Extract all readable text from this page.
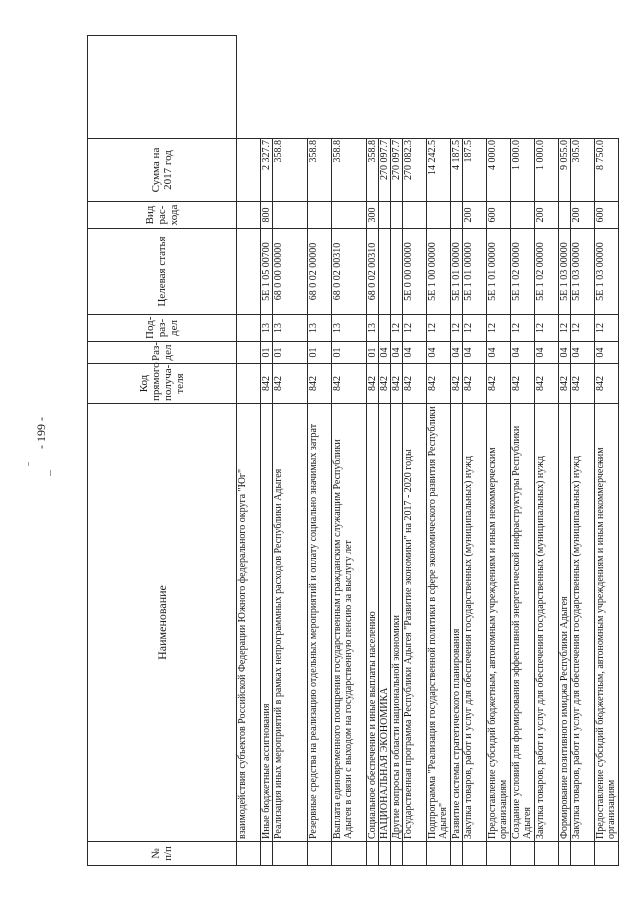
- 199 -
№ п/п	Наименование	Код прямого получа-теля	Раз-дел	Под-раз-дел	Целевая статья	Вид рас-хода	Сумма на 2017 год	
	взаимодействия субъектов Российской Федерации Южного федерального округа "Юг"							
	Иные бюджетные ассигнования	842	01	13	5Е 1 05 00700	800	2 327.7	
	Реализация иных мероприятий в рамках непрограммных расходов Республики Адыгея	842	01	13	68 0 00 00000		358.8	
	Резервные средства на реализацию отдельных мероприятий и оплату социально значимых затрат	842	01	13	68 0 02 00000		358.8	
	Выплата единовременного поощрения государственным гражданским служащим Республики Адыгея в связи с выходом на государственную пенсию за выслугу лет	842	01	13	68 0 02 00310		358.8	
	Социальное обеспечение и иные выплаты населению	842	01	13	68 0 02 00310	300	358.8	
	НАЦИОНАЛЬНАЯ ЭКОНОМИКА	842	04				270 097.7	
	Другие вопросы в области национальной экономики	842	04	12			270 097.7	
	Государственная программа Республики Адыгея "Развитие экономики" на 2017 - 2020 годы	842	04	12	5Е 0 00 00000		270 082.3	
	Подпрограмма "Реализация государственной политики в сфере экономического развития Республики Адыгея"	842	04	12	5Е 1 00 00000		14 242.5	
	Развитие системы стратегического планирования	842	04	12	5Е 1 01 00000		4 187.5	
	Закупка товаров, работ и услуг для обеспечения государственных (муниципальных) нужд	842	04	12	5Е 1 01 00000	200	187.5	
	Предоставление субсидий бюджетным, автономным учреждениям и иным некоммерческим организациям	842	04	12	5Е 1 01 00000	600	4 000.0	
	Создание условий для формирования эффективной энергетической инфраструктуры Республики Адыгея	842	04	12	5Е 1 02 00000		1 000.0	
	Закупка товаров, работ и услуг для обеспечения государственных (муниципальных) нужд	842	04	12	5Е 1 02 00000	200	1 000.0	
	Формирование позитивного имиджа Республики Адыгея	842	04	12	5Е 1 03 00000		9 055.0	
	Закупка товаров, работ и услуг для обеспечения государственных (муниципальных) нужд	842	04	12	5Е 1 03 00000	200	305.0	
	Предоставление субсидий бюджетным, автономным учреждениям и иным некоммерческим организациям	842	04	12	5Е 1 03 00000	600	8 750.0	
